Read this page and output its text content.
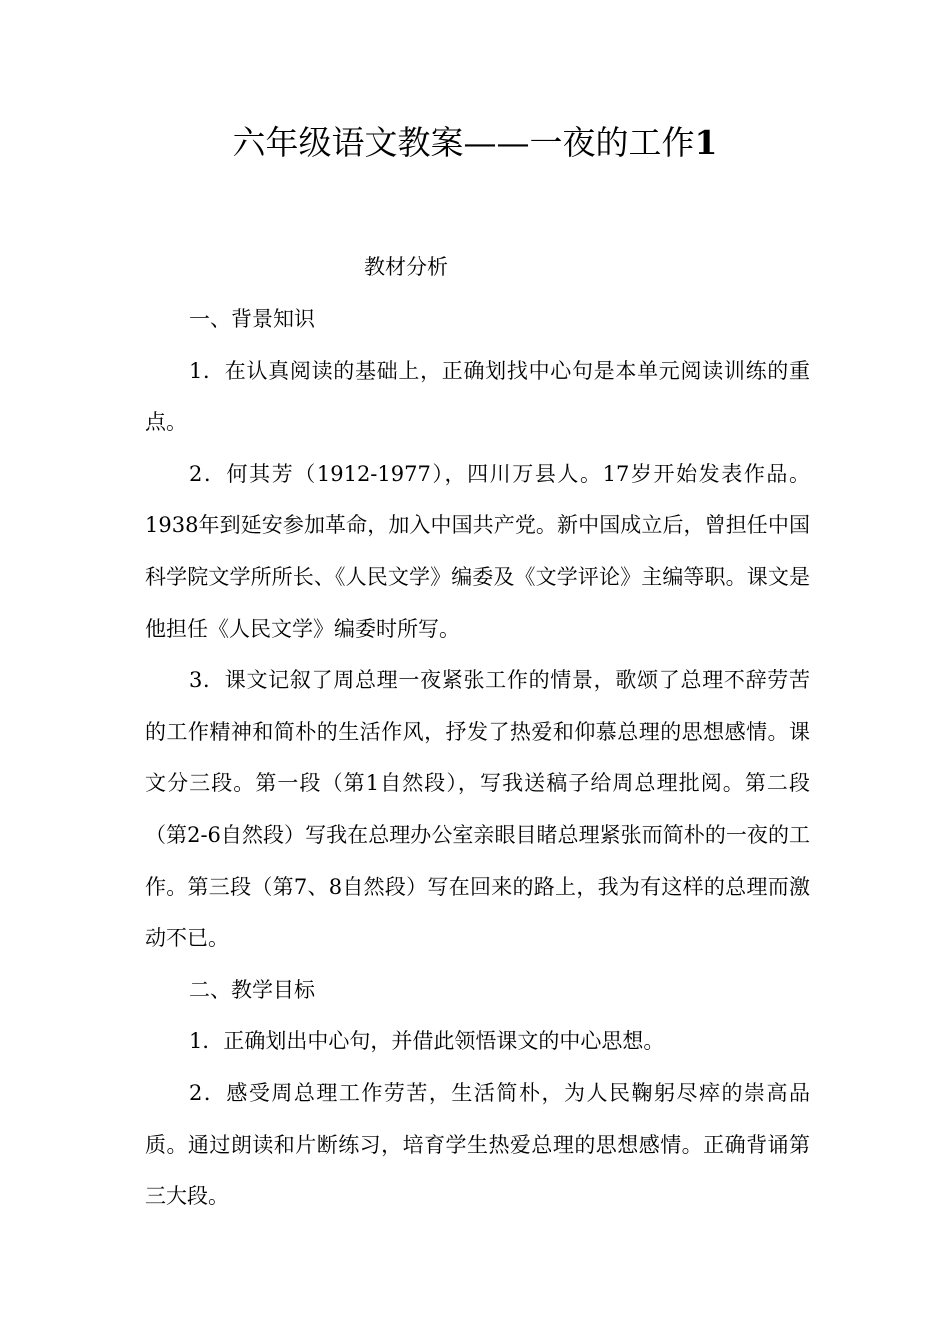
六年级语文教案——一夜的工作1
教材分析

一、背景知识

1．在认真阅读的基础上，正确划找中心句是本单元阅读训练的重点。

2．何其芳（1912-1977），四川万县人。17岁开始发表作品。1938年到延安参加革命，加入中国共产党。新中国成立后，曾担任中国科学院文学所所长、《人民文学》编委及《文学评论》主编等职。课文是他担任《人民文学》编委时所写。

3．课文记叙了周总理一夜紧张工作的情景，歌颂了总理不辞劳苦的工作精神和简朴的生活作风，抒发了热爱和仰慕总理的思想感情。课文分三段。第一段（第1自然段），写我送稿子给周总理批阅。第二段（第2-6自然段）写我在总理办公室亲眼目睹总理紧张而简朴的一夜的工作。第三段（第7、8自然段）写在回来的路上，我为有这样的总理而激动不已。

二、教学目标

1．正确划出中心句，并借此领悟课文的中心思想。

2．感受周总理工作劳苦，生活简朴，为人民鞠躬尽瘁的崇高品质。通过朗读和片断练习，培育学生热爱总理的思想感情。正确背诵第三大段。
